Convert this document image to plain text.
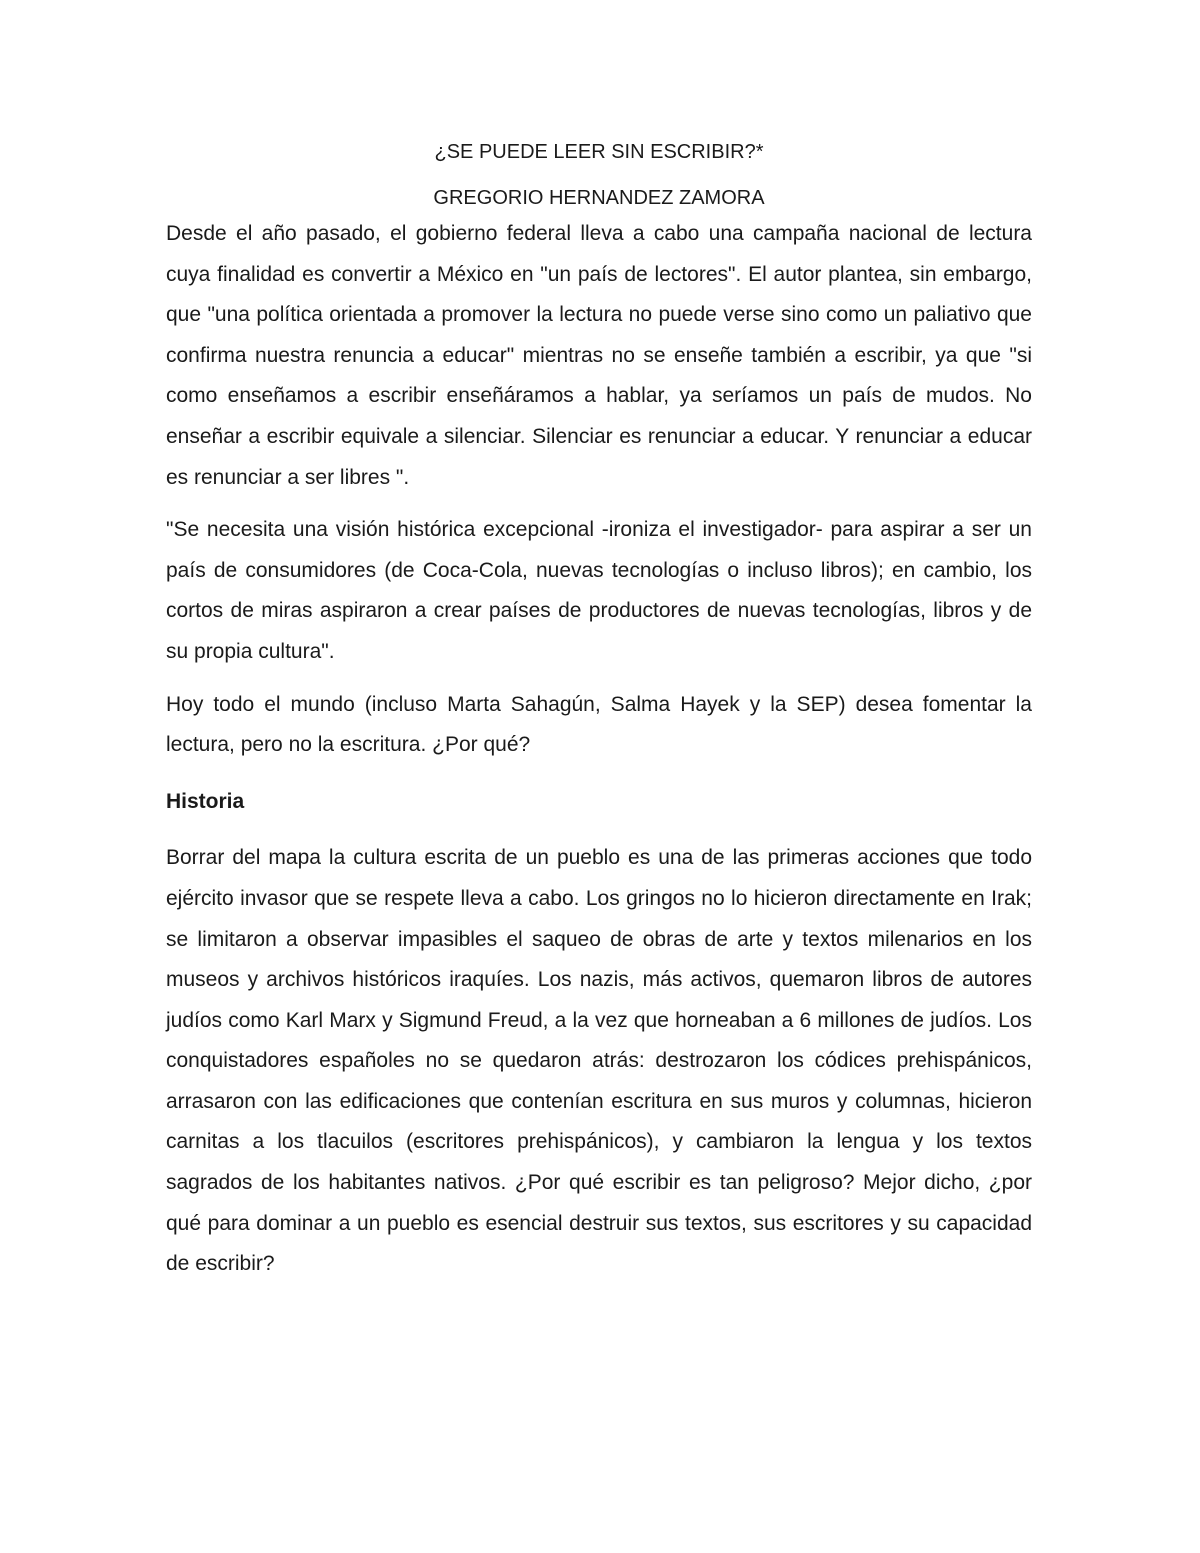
¿SE PUEDE LEER SIN ESCRIBIR?*

GREGORIO HERNANDEZ ZAMORA

Desde el año pasado, el gobierno federal lleva a cabo una campaña nacional de lectura cuya finalidad es convertir a México en "un país de lectores". El autor plantea, sin embargo, que "una política orientada a promover la lectura no puede verse sino como un paliativo que confirma nuestra renuncia a educar" mientras no se enseñe también a escribir, ya que "si como enseñamos a escribir enseñáramos a hablar, ya seríamos un país de mudos. No enseñar a escribir equivale a silenciar. Silenciar es renunciar a educar. Y renunciar a educar es renunciar a ser libres ".

"Se necesita una visión histórica excepcional -ironiza el investigador- para aspirar a ser un país de consumidores (de Coca-Cola, nuevas tecnologías o incluso libros); en cambio, los cortos de miras aspiraron a crear países de productores de nuevas tecnologías, libros y de su propia cultura".

Hoy todo el mundo (incluso Marta Sahagún, Salma Hayek y la SEP) desea fomentar la lectura, pero no la escritura. ¿Por qué?

Historia

Borrar del mapa la cultura escrita de un pueblo es una de las primeras acciones que todo ejército invasor que se respete lleva a cabo. Los gringos no lo hicieron directamente en Irak; se limitaron a observar impasibles el saqueo de obras de arte y textos milenarios en los museos y archivos históricos iraquíes. Los nazis, más activos, quemaron libros de autores judíos como Karl Marx y Sigmund Freud, a la vez que horneaban a 6 millones de judíos. Los conquistadores españoles no se quedaron atrás: destrozaron los códices prehispánicos, arrasaron con las edificaciones que contenían escritura en sus muros y columnas, hicieron carnitas a los tlacuilos (escritores prehispánicos), y cambiaron la lengua y los textos sagrados de los habitantes nativos. ¿Por qué escribir es tan peligroso? Mejor dicho, ¿por qué para dominar a un pueblo es esencial destruir sus textos, sus escritores y su capacidad de escribir?
